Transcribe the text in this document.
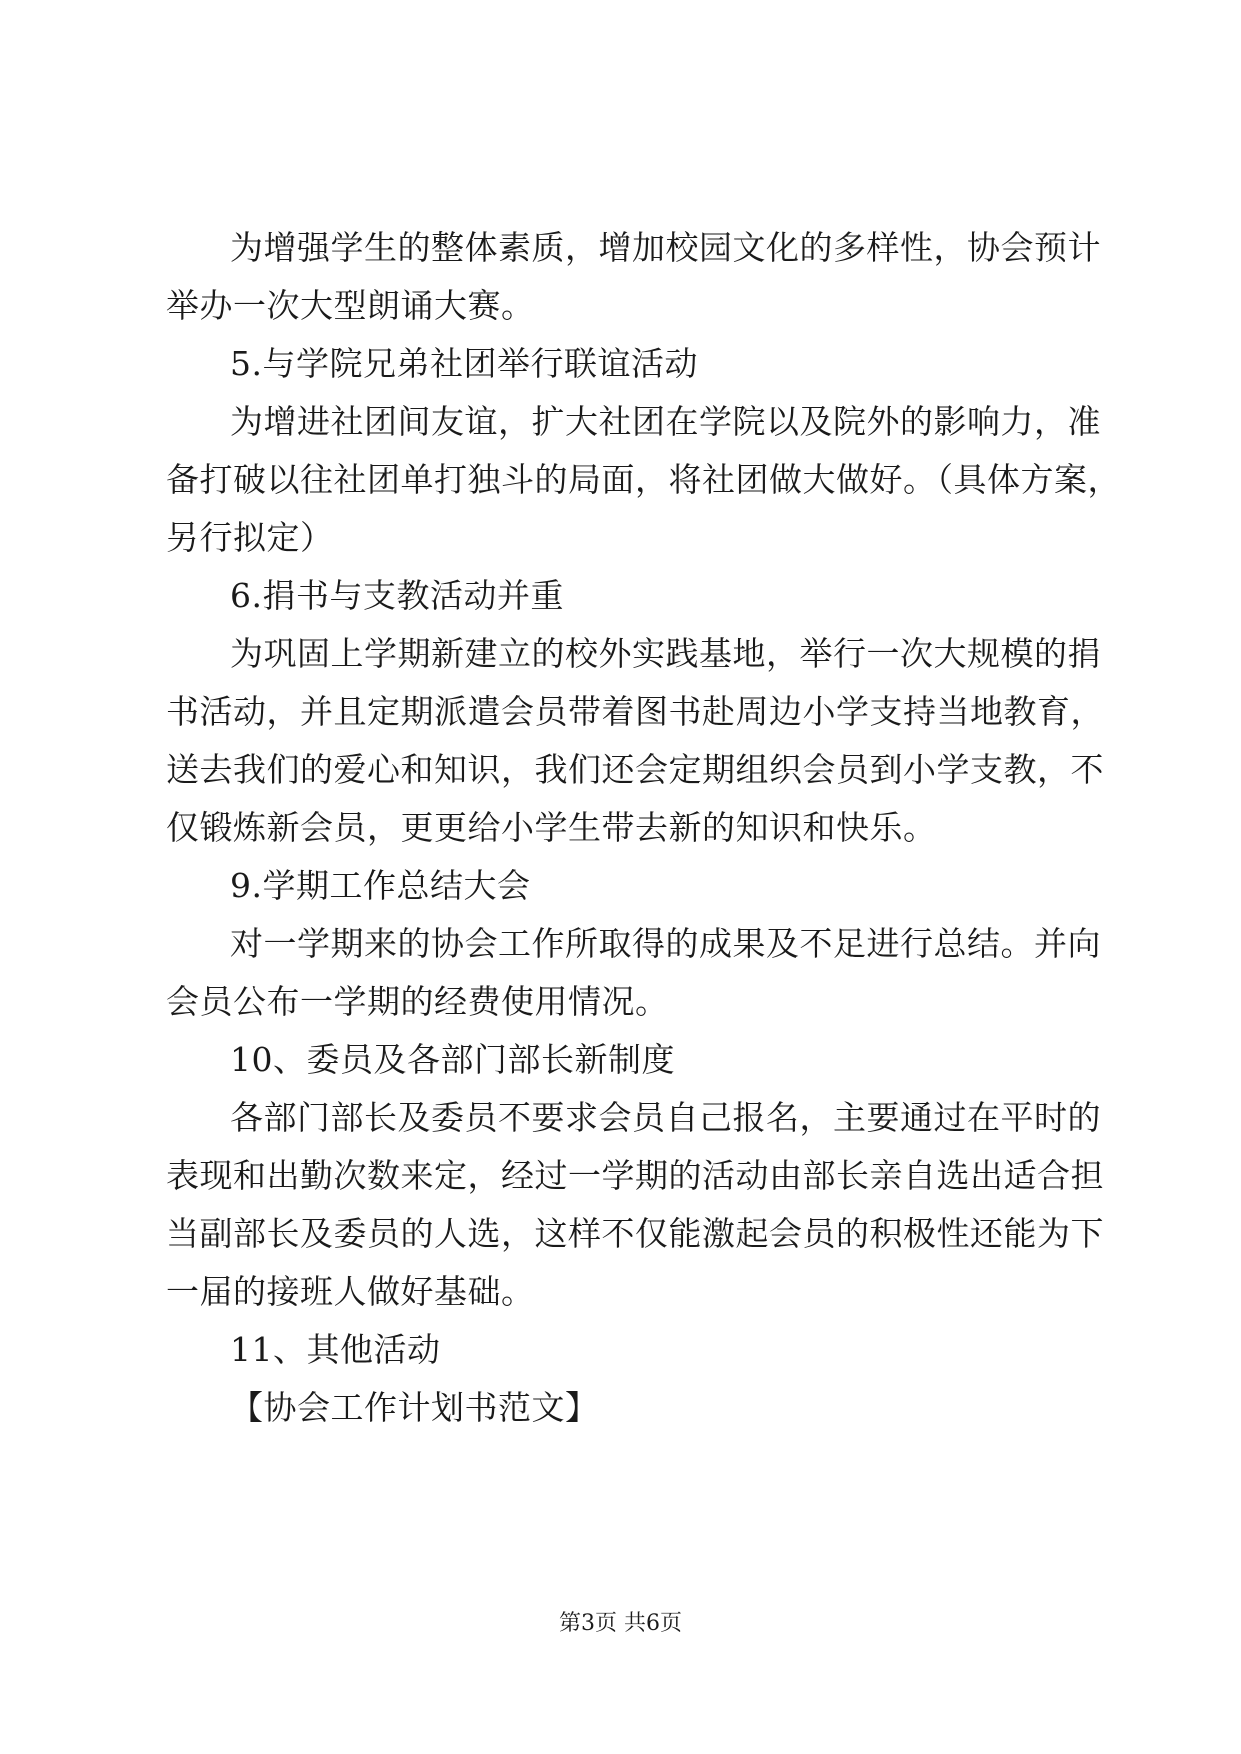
为增强学生的整体素质，增加校园文化的多样性，协会预计
举办一次大型朗诵大赛。
5.与学院兄弟社团举行联谊活动
为增进社团间友谊，扩大社团在学院以及院外的影响力，准
备打破以往社团单打独斗的局面，将社团做大做好。（具体方案，
另行拟定）
6.捐书与支教活动并重
为巩固上学期新建立的校外实践基地，举行一次大规模的捐
书活动，并且定期派遣会员带着图书赴周边小学支持当地教育，
送去我们的爱心和知识，我们还会定期组织会员到小学支教，不
仅锻炼新会员，更更给小学生带去新的知识和快乐。
9.学期工作总结大会
对一学期来的协会工作所取得的成果及不足进行总结。并向
会员公布一学期的经费使用情况。
10、委员及各部门部长新制度
各部门部长及委员不要求会员自己报名，主要通过在平时的
表现和出勤次数来定，经过一学期的活动由部长亲自选出适合担
当副部长及委员的人选，这样不仅能激起会员的积极性还能为下
一届的接班人做好基础。
11、其他活动
【协会工作计划书范文】
第3页 共6页
